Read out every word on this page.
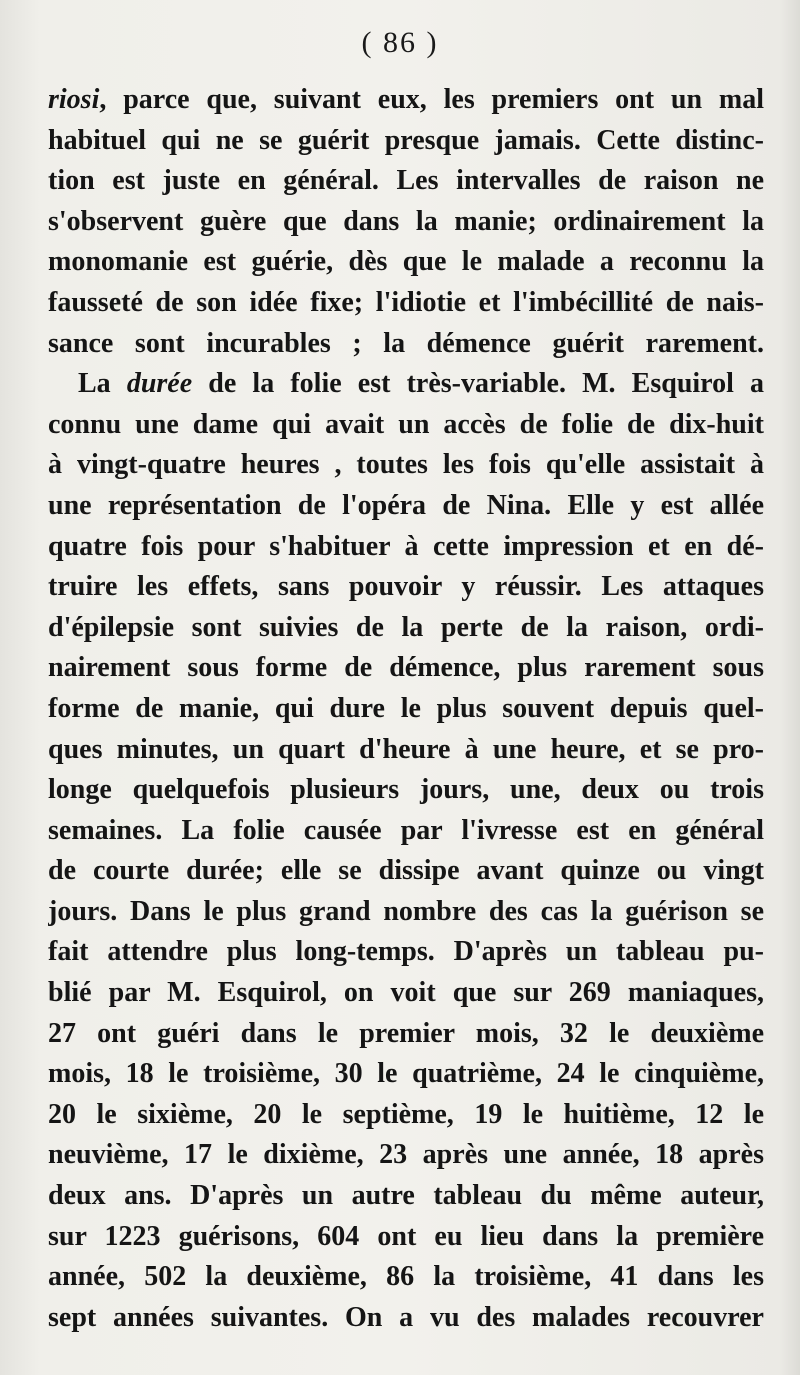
( 86 )
riosi, parce que, suivant eux, les premiers ont un mal
habituel qui ne se guérit presque jamais. Cette distinc-
tion est juste en général. Les intervalles de raison ne
s'observent guère que dans la manie; ordinairement la
monomanie est guérie, dès que le malade a reconnu la
fausseté de son idée fixe; l'idiotie et l'imbécillité de nais-
sance sont incurables ; la démence guérit rarement.
La durée de la folie est très-variable. M. Esquirol a
connu une dame qui avait un accès de folie de dix-huit
à vingt-quatre heures , toutes les fois qu'elle assistait à
une représentation de l'opéra de Nina. Elle y est allée
quatre fois pour s'habituer à cette impression et en dé-
truire les effets, sans pouvoir y réussir. Les attaques
d'épilepsie sont suivies de la perte de la raison, ordi-
nairement sous forme de démence, plus rarement sous
forme de manie, qui dure le plus souvent depuis quel-
ques minutes, un quart d'heure à une heure, et se pro-
longe quelquefois plusieurs jours, une, deux ou trois
semaines. La folie causée par l'ivresse est en général
de courte durée; elle se dissipe avant quinze ou vingt
jours. Dans le plus grand nombre des cas la guérison se
fait attendre plus long-temps. D'après un tableau pu-
blié par M. Esquirol, on voit que sur 269 maniaques,
27 ont guéri dans le premier mois, 32 le deuxième
mois, 18 le troisième, 30 le quatrième, 24 le cinquième,
20 le sixième, 20 le septième, 19 le huitième, 12 le
neuvième, 17 le dixième, 23 après une année, 18 après
deux ans. D'après un autre tableau du même auteur,
sur 1223 guérisons, 604 ont eu lieu dans la première
année, 502 la deuxième, 86 la troisième, 41 dans les
sept années suivantes. On a vu des malades recouvrer
